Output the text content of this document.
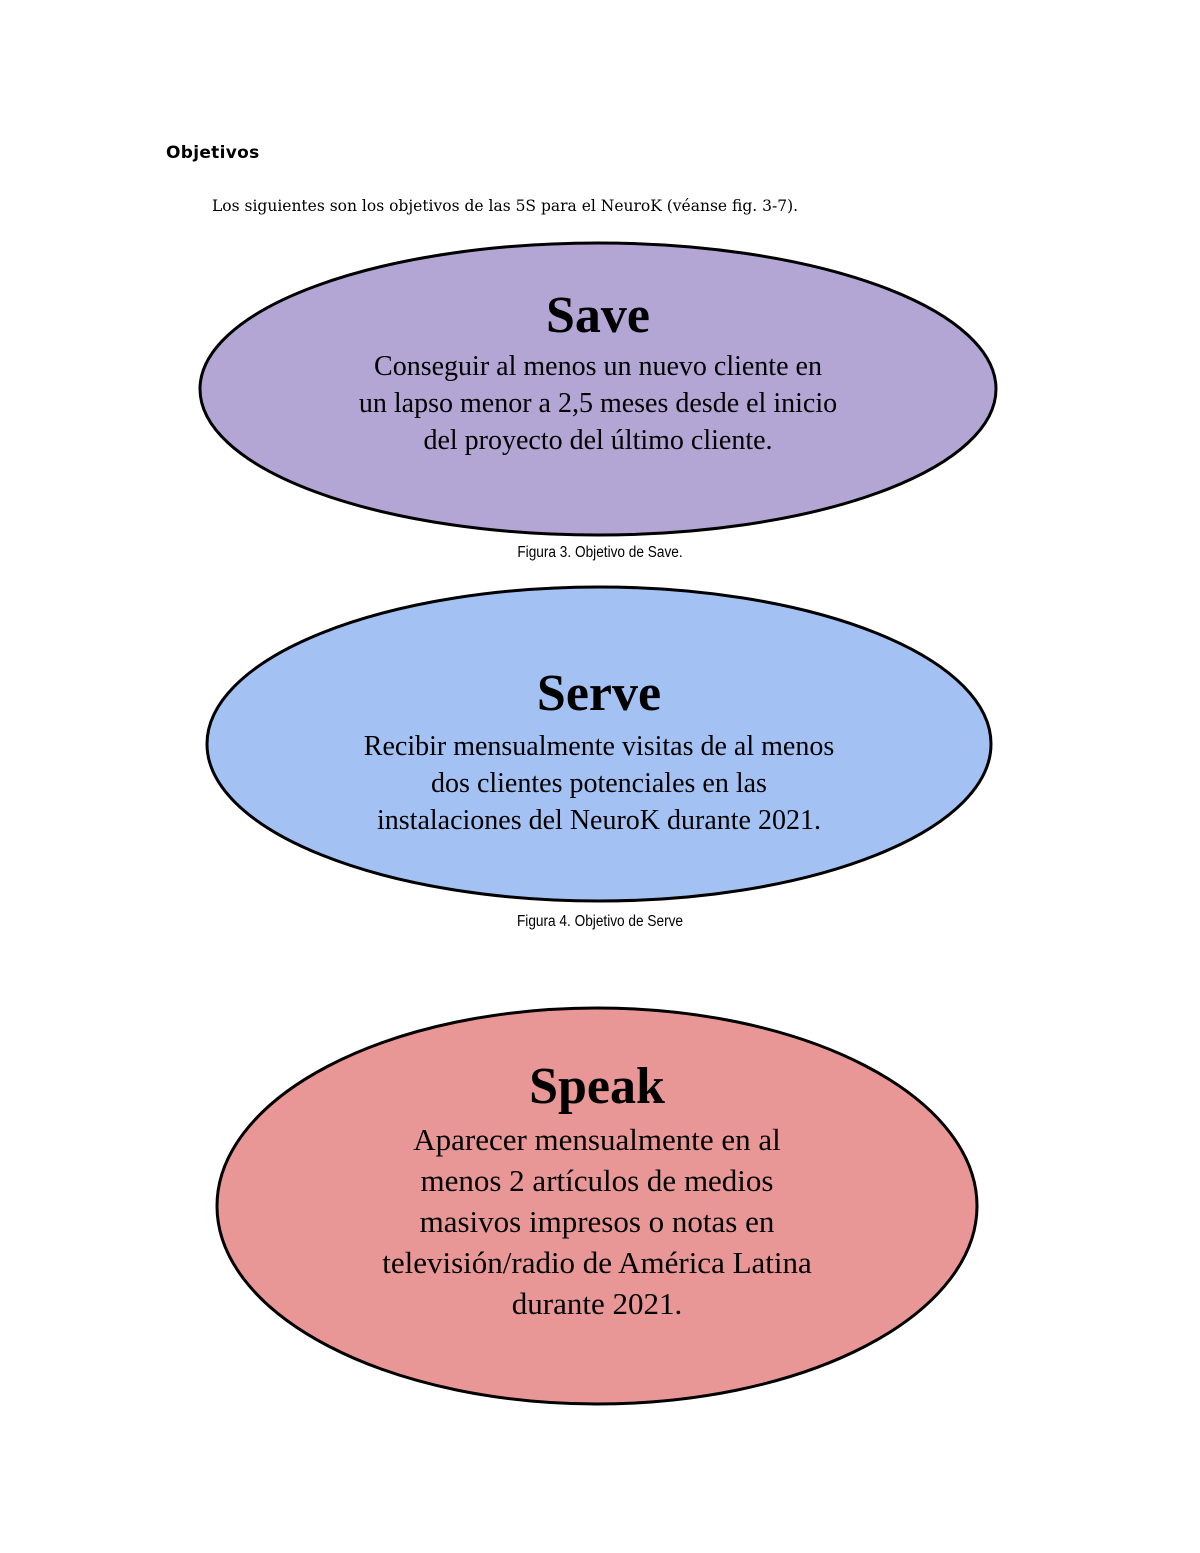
Objetivos
Los siguientes son los objetivos de las 5S para el NeuroK (véanse fig. 3-7).
Save
Conseguir al menos un nuevo cliente en
un lapso menor a 2,5 meses desde el inicio
del proyecto del último cliente.
Figura 3. Objetivo de Save.
Serve
Recibir mensualmente visitas de al menos
dos clientes potenciales en las
instalaciones del NeuroK durante 2021.
Figura 4. Objetivo de Serve
Speak
Aparecer mensualmente en al
menos 2 artículos de medios
masivos impresos o notas en
televisión/radio de América Latina
durante 2021.
